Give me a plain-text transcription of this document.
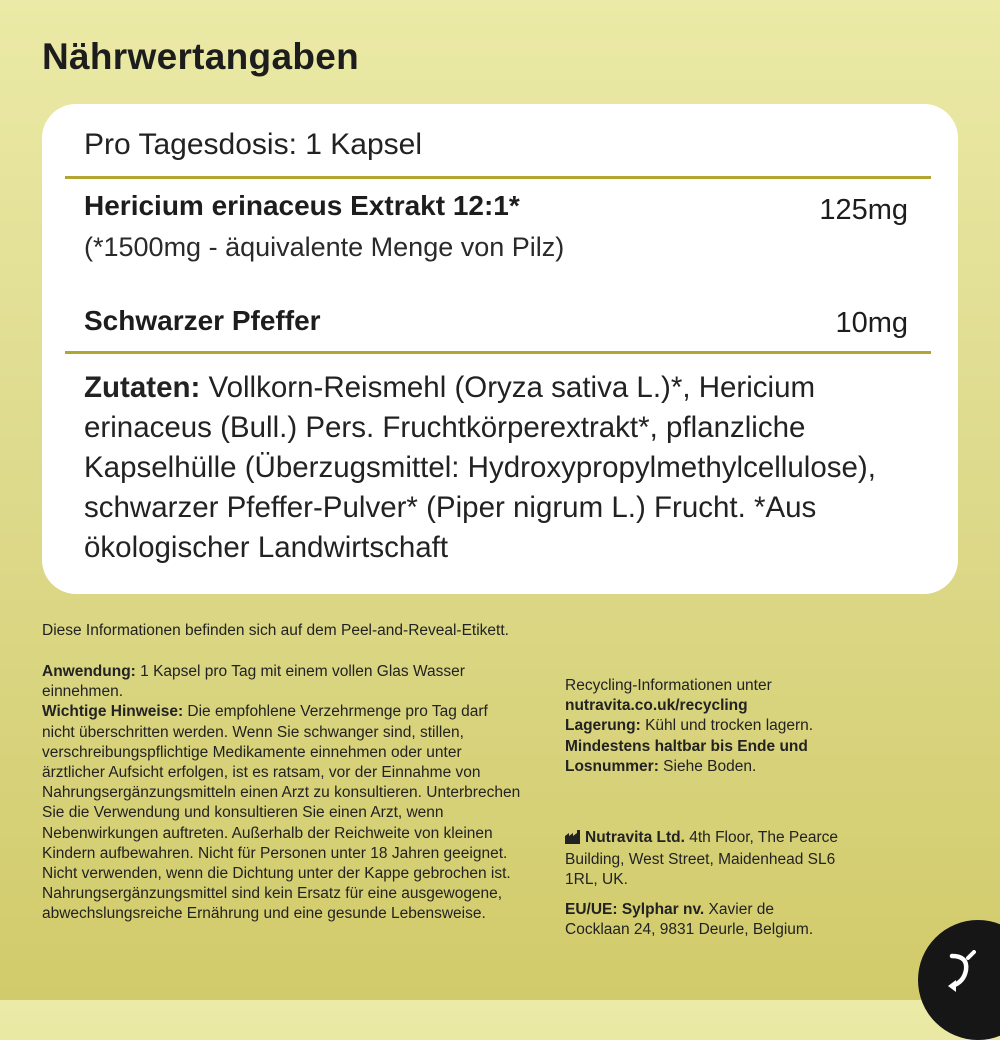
Nährwertangaben
Pro Tagesdosis: 1 Kapsel
Hericium erinaceus Extrakt 12:1*	125mg
(*1500mg - äquivalente Menge von Pilz)
Schwarzer Pfeffer	10mg
Zutaten: Vollkorn-Reismehl (Oryza sativa L.)*, Hericium erinaceus (Bull.) Pers. Fruchtkörperextrakt*, pflanzliche Kapselhülle (Überzugsmittel: Hydroxypropylmethylcellulose), schwarzer Pfeffer-Pulver* (Piper nigrum L.) Frucht. *Aus ökologischer Landwirtschaft
Diese Informationen befinden sich auf dem Peel-and-Reveal-Etikett.
Anwendung: 1 Kapsel pro Tag mit einem vollen Glas Wasser einnehmen.
Wichtige Hinweise: Die empfohlene Verzehrmenge pro Tag darf nicht überschritten werden. Wenn Sie schwanger sind, stillen, verschreibungspflichtige Medikamente einnehmen oder unter ärztlicher Aufsicht erfolgen, ist es ratsam, vor der Einnahme von Nahrungsergänzungsmitteln einen Arzt zu konsultieren. Unterbrechen Sie die Verwendung und konsultieren Sie einen Arzt, wenn Nebenwirkungen auftreten. Außerhalb der Reichweite von kleinen Kindern aufbewahren. Nicht für Personen unter 18 Jahren geeignet. Nicht verwenden, wenn die Dichtung unter der Kappe gebrochen ist. Nahrungsergänzungsmittel sind kein Ersatz für eine ausgewogene, abwechslungsreiche Ernährung und eine gesunde Lebensweise.
Recycling-Informationen unter
nutravita.co.uk/recycling
Lagerung: Kühl und trocken lagern.
Mindestens haltbar bis Ende und Losnummer: Siehe Boden.
Nutravita Ltd. 4th Floor, The Pearce Building, West Street, Maidenhead SL6 1RL, UK.
EU/UE: Sylphar nv. Xavier de Cocklaan 24, 9831 Deurle, Belgium.
